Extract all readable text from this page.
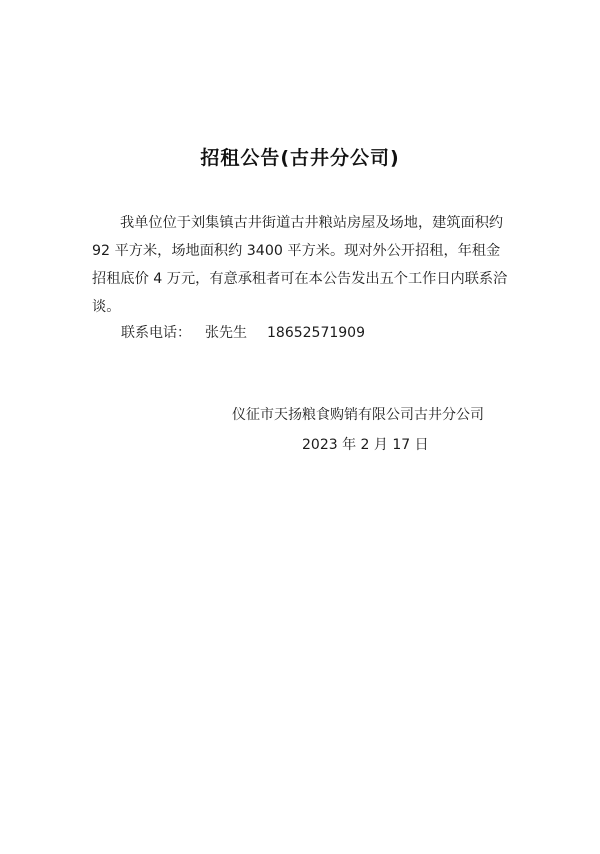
招租公告(古井分公司)

我单位位于刘集镇古井街道古井粮站房屋及场地，建筑面积约 92 平方米，场地面积约 3400 平方米。现对外公开招租，年租金招租底价 4 万元，有意承租者可在本公告发出五个工作日内联系洽谈。

联系电话： 张先生 18652571909
仪征市天扬粮食购销有限公司古井分公司
2023 年 2 月 17 日
